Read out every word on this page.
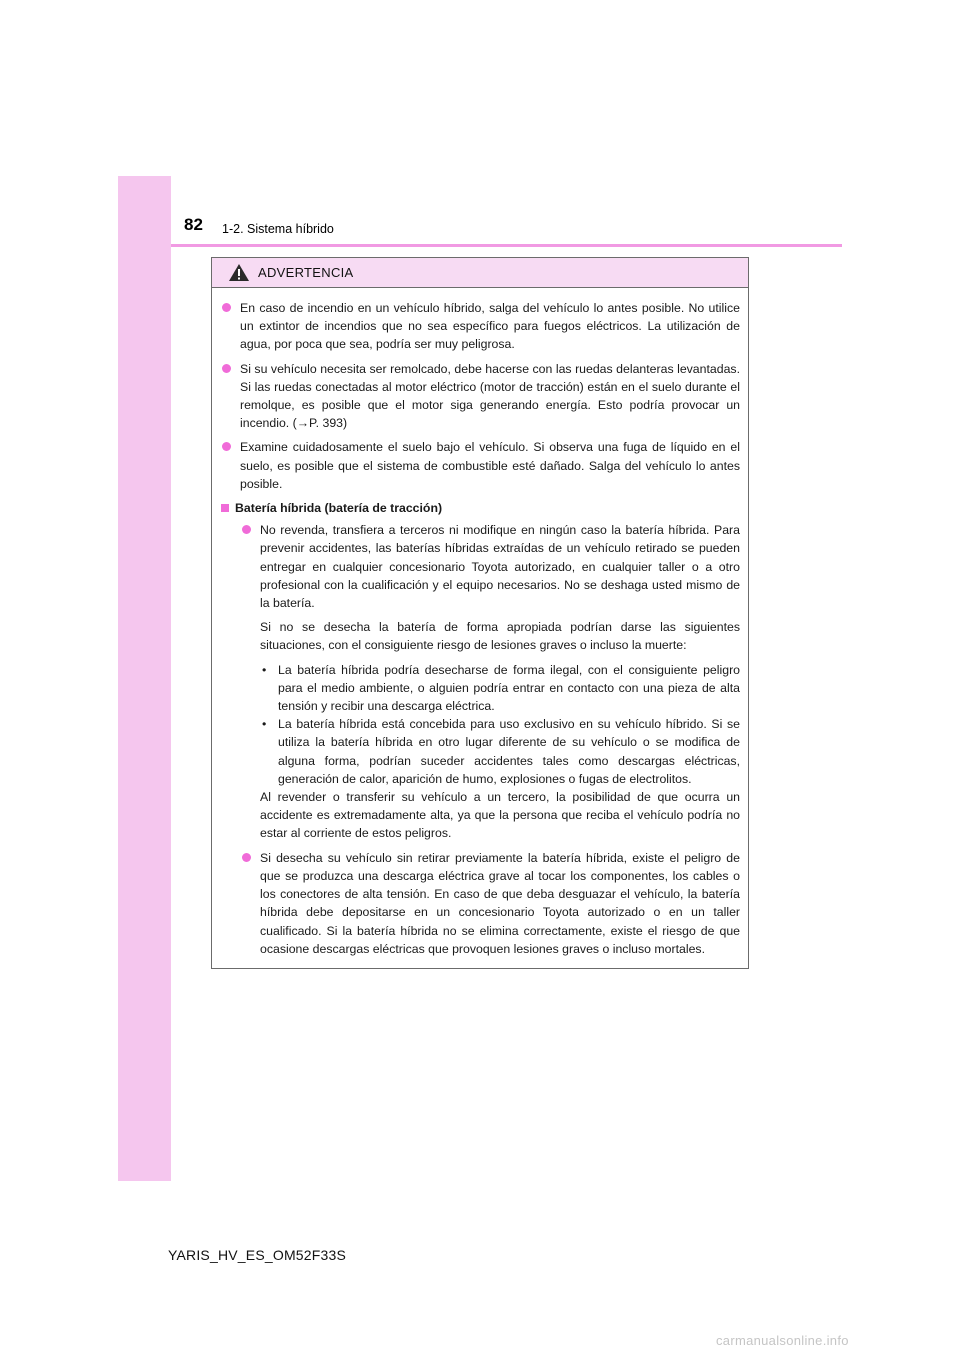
82 1-2. Sistema híbrido
ADVERTENCIA
En caso de incendio en un vehículo híbrido, salga del vehículo lo antes posible. No utilice un extintor de incendios que no sea específico para fuegos eléctricos. La utilización de agua, por poca que sea, podría ser muy peligrosa.
Si su vehículo necesita ser remolcado, debe hacerse con las ruedas delanteras levantadas. Si las ruedas conectadas al motor eléctrico (motor de tracción) están en el suelo durante el remolque, es posible que el motor siga generando energía. Esto podría provocar un incendio. (→P. 393)
Examine cuidadosamente el suelo bajo el vehículo. Si observa una fuga de líquido en el suelo, es posible que el sistema de combustible esté dañado. Salga del vehículo lo antes posible.
Batería híbrida (batería de tracción)
No revenda, transfiera a terceros ni modifique en ningún caso la batería híbrida. Para prevenir accidentes, las baterías híbridas extraídas de un vehículo retirado se pueden entregar en cualquier concesionario Toyota autorizado, en cualquier taller o a otro profesional con la cualificación y el equipo necesarios. No se deshaga usted mismo de la batería.

Si no se desecha la batería de forma apropiada podrían darse las siguientes situaciones, con el consiguiente riesgo de lesiones graves o incluso la muerte:

• La batería híbrida podría desecharse de forma ilegal, con el consiguiente peligro para el medio ambiente, o alguien podría entrar en contacto con una pieza de alta tensión y recibir una descarga eléctrica.
• La batería híbrida está concebida para uso exclusivo en su vehículo híbrido. Si se utiliza la batería híbrida en otro lugar diferente de su vehículo o se modifica de alguna forma, podrían suceder accidentes tales como descargas eléctricas, generación de calor, aparición de humo, explosiones o fugas de electrolitos.

Al revender o transferir su vehículo a un tercero, la posibilidad de que ocurra un accidente es extremadamente alta, ya que la persona que reciba el vehículo podría no estar al corriente de estos peligros.

Si desecha su vehículo sin retirar previamente la batería híbrida, existe el peligro de que se produzca una descarga eléctrica grave al tocar los componentes, los cables o los conectores de alta tensión. En caso de que deba desguazar el vehículo, la batería híbrida debe depositarse en un concesionario Toyota autorizado o en un taller cualificado. Si la batería híbrida no se elimina correctamente, existe el riesgo de que ocasione descargas eléctricas que provoquen lesiones graves o incluso mortales.
YARIS_HV_ES_OM52F33S
carmanualsonline.info
